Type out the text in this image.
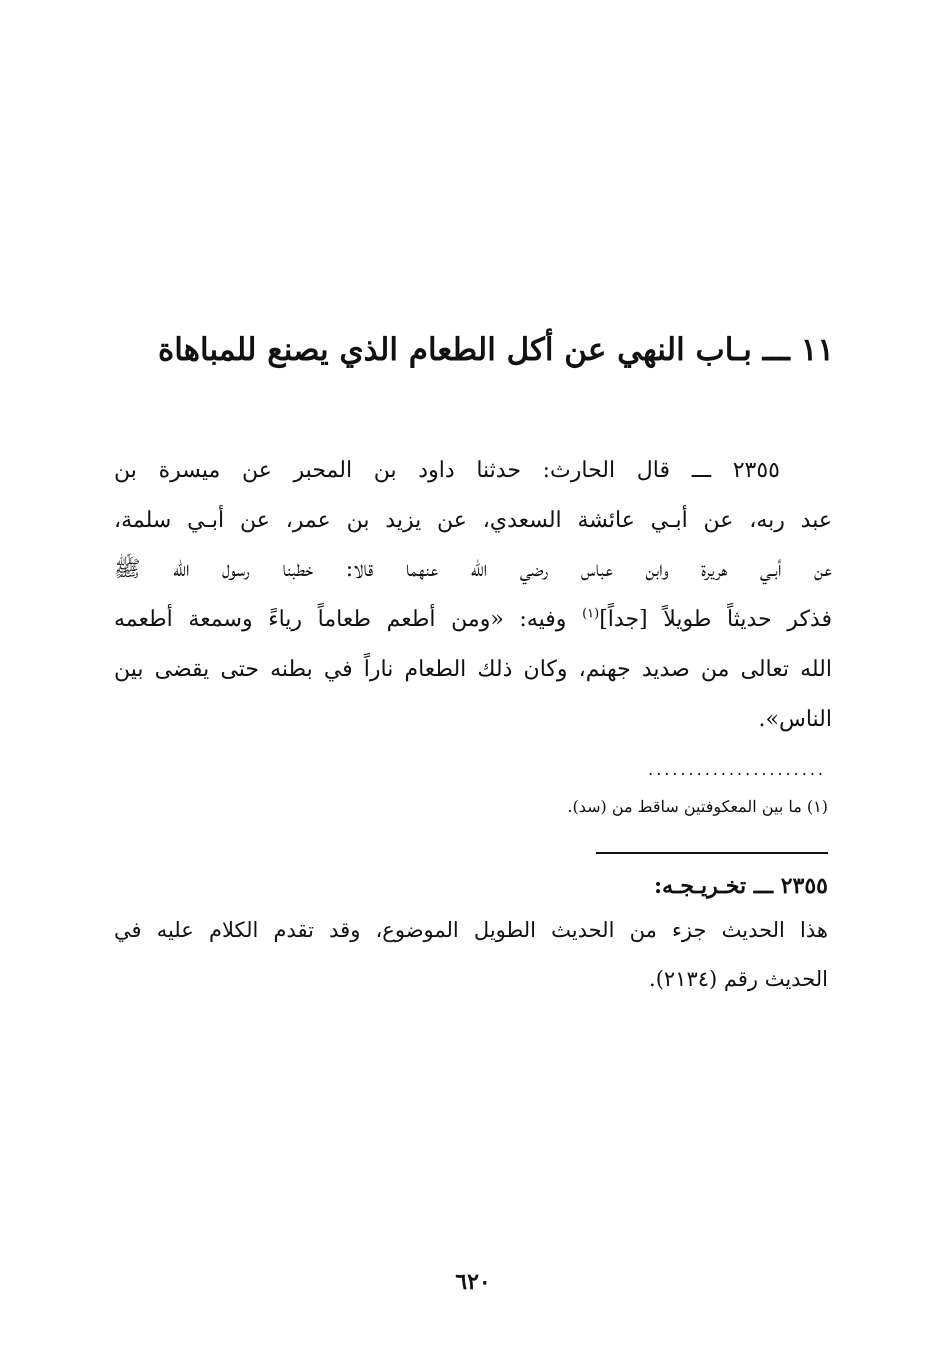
١١ ـــ بـاب النهي عن أكل الطعام الذي يصنع للمباهاة

٢٣٥٥ ـــ قال الحارث: حدثنا داود بن المحبر عن ميسرة بن
عبد ربه، عن أبـي عائشة السعدي، عن يزيد بن عمر، عن أبـي سلمة،
عن أبـي هريرة وابن عباس رضي الله عنهما قالا: خطبنا رسول الله ﷺ
فذكر حديثاً طويلاً [جداً]$^{(١)}$ وفيه: «ومن أطعم طعاماً رياءً وسمعة أطعمه
الله تعالى من صديد جهنم، وكان ذلك الطعام ناراً في بطنه حتى يقضى بين
الناس».

......................

(١) ما بين المعكوفتين ساقط من (سد).

٢٣٥٥ ـــ تخـريـجـه:

هذا الحديث جزء من الحديث الطويل الموضوع، وقد تقدم الكلام عليه في
الحديث رقم (٢١٣٤).

٦٢٠
